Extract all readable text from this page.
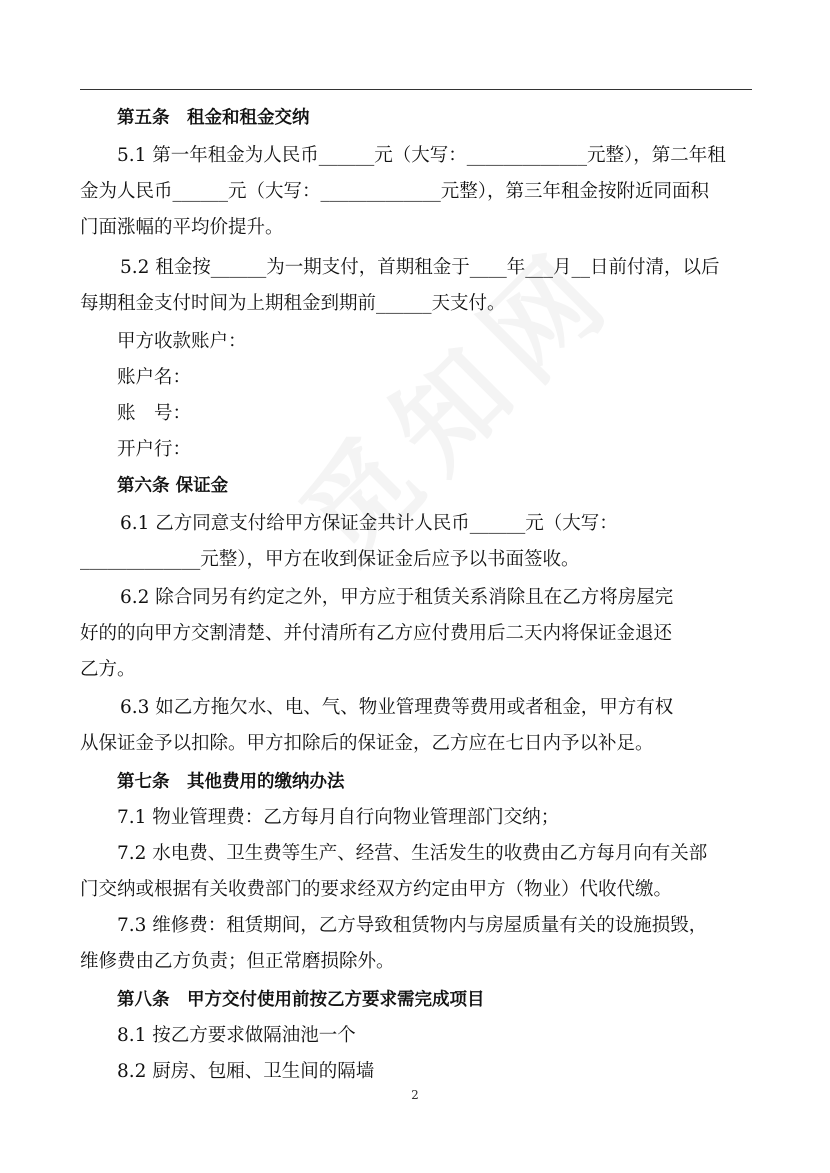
第五条　租金和租金交纳
5.1 第一年租金为人民币______元（大写：_____________元整），第二年租
金为人民币______元（大写：_____________元整），第三年租金按附近同面积
门面涨幅的平均价提升。
5.2 租金按______为一期支付，首期租金于____年___月__日前付清，以后
每期租金支付时间为上期租金到期前______天支付。
甲方收款账户：
账户名：
账　号：
开户行：
第六条 保证金
6.1 乙方同意支付给甲方保证金共计人民币______元（大写：
_____________元整），甲方在收到保证金后应予以书面签收。
6.2 除合同另有约定之外，甲方应于租赁关系消除且在乙方将房屋完
好的的向甲方交割清楚、并付清所有乙方应付费用后二天内将保证金退还
乙方。
6.3 如乙方拖欠水、电、气、物业管理费等费用或者租金，甲方有权
从保证金予以扣除。甲方扣除后的保证金，乙方应在七日内予以补足。
第七条　其他费用的缴纳办法
7.1 物业管理费：乙方每月自行向物业管理部门交纳；
7.2 水电费、卫生费等生产、经营、生活发生的收费由乙方每月向有关部
门交纳或根据有关收费部门的要求经双方约定由甲方（物业）代收代缴。
7.3 维修费：租赁期间，乙方导致租赁物内与房屋质量有关的设施损毁，
维修费由乙方负责；但正常磨损除外。
第八条　甲方交付使用前按乙方要求需完成项目
8.1 按乙方要求做隔油池一个
8.2 厨房、包厢、卫生间的隔墙
2
